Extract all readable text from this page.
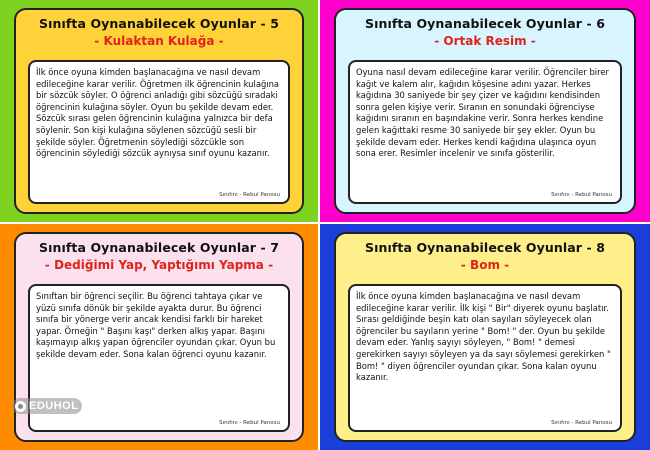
Sınıfta Oynanabilecek Oyunlar - 5
- Kulaktan Kulağa -

İlk önce oyuna kimden başlanacağına ve nasıl devam edileceğine karar verilir. Öğretmen ilk öğrencinin kulağına bir sözcük söyler. O öğrenci anladığı gibi sözcüğü sıradaki öğrencinin kulağına söyler. Oyun bu şekilde devam eder. Sözcük sırası gelen öğrencinin kulağına yalnızca bir defa söylenir. Son kişi kulağına söylenen sözcüğü sesli bir şekilde söyler. Öğretmenin söylediği sözcükle son öğrencinin söylediği sözcük aynıysa sınıf oyunu kazanır.

Sınıfını - Rebul Panosu
Sınıfta Oynanabilecek Oyunlar - 6
- Ortak Resim -

Oyuna nasıl devam edileceğine karar verilir. Öğrenciler birer kağıt ve kalem alır, kağıdın köşesine adını yazar. Herkes kağıdına 30 saniyede bir şey çizer ve kağıdını kendisinden sonra gelen kişiye verir. Sıranın en sonundaki öğrenciyse kağıdını sıranın en başındakine verir. Sonra herkes kendine gelen kağıttaki resme 30 saniyede bir şey ekler. Oyun bu şekilde devam eder. Herkes kendi kağıdına ulaşınca oyun sona erer. Resimler incelenir ve sınıfa gösterilir.

Sınıfını - Rebul Panosu
Sınıfta Oynanabilecek Oyunlar - 7
- Dediğimi Yap, Yaptığımı Yapma -

Sınıftan bir öğrenci seçilir. Bu öğrenci tahtaya çıkar ve yüzü sınıfa dönük bir şekilde ayakta durur. Bu öğrenci sınıfa bir yönerge verir ancak kendisi farklı bir hareket yapar. Örneğin " Başını kaşı" derken alkış yapar. Başını kaşımayıp alkış yapan öğrenciler oyundan çıkar. Oyun bu şekilde devam eder. Sona kalan öğrenci oyunu kazanır.

Sınıfını - Rebul Panosu
Sınıfta Oynanabilecek Oyunlar - 8
- Bom -

İlk önce oyuna kimden başlanacağına ve nasıl devam edileceğine karar verilir. İlk kişi " Bir" diyerek oyunu başlatır. Sırası geldiğinde beşin katı olan sayıları söyleyecek olan öğrenciler bu sayıların yerine " Bom! " der. Oyun bu şekilde devam eder. Yanlış sayıyı söyleyen, " Bom! " demesi gerekirken sayıyı söyleyen ya da sayı söylemesi gerekirken " Bom! " diyen öğrenciler oyundan çıkar. Sona kalan oyunu kazanır.

Sınıfını - Rebul Panosu
EDUHOL
